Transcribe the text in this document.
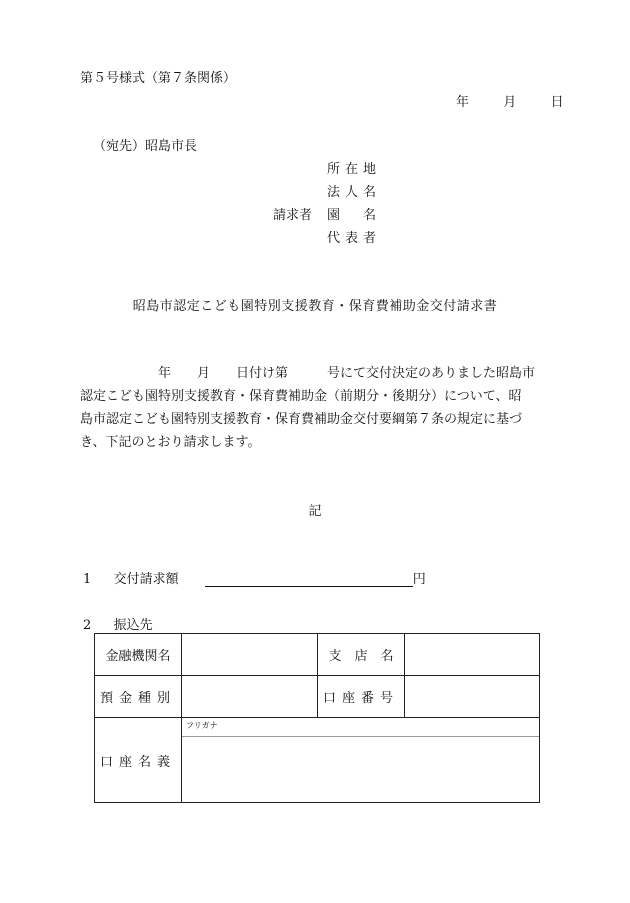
第５号様式（第７条関係）
年	月	日
（宛先）昭島市長
所在地
法人名
請求者 園　名
代表者
昭島市認定こども園特別支援教育・保育費補助金交付請求書

　　　　　　年　　月　　日付け第　　　号にて交付決定のありました昭島市

認定こども園特別支援教育・保育費補助金（前期分・後期分）について、昭

島市認定こども園特別支援教育・保育費補助金交付要綱第７条の規定に基づ

き、下記のとおり請求します。

記
1 交付請求額	円
2 振込先
金融機関名		支　店　名	
預金種別		口座番号	
口座名義	フリガナ		
